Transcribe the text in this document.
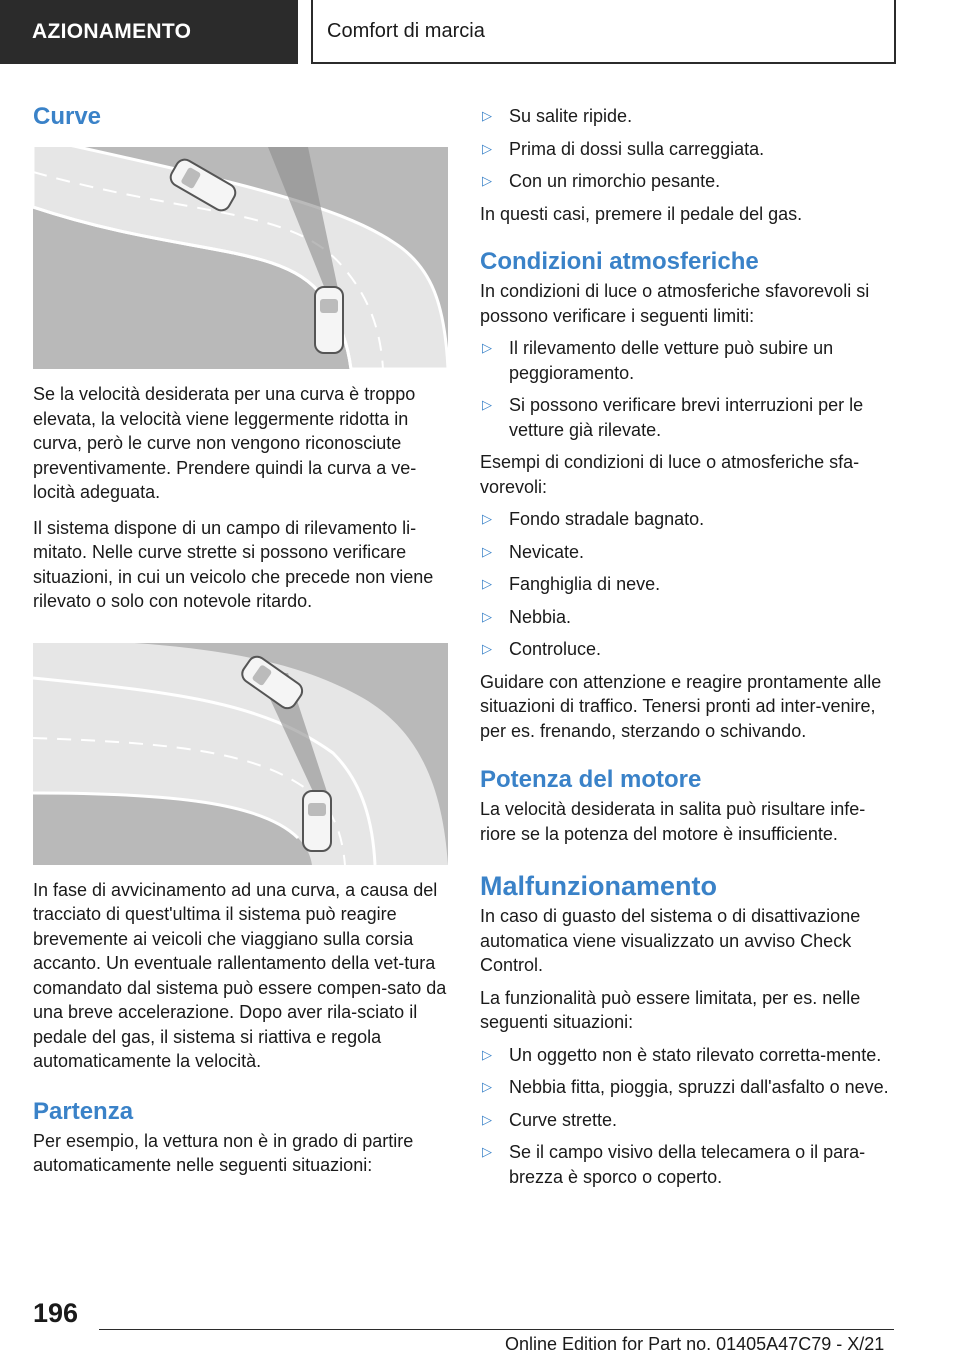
AZIONAMENTO	Comfort di marcia
Curve

Se la velocità desiderata per una curva è troppo elevata, la velocità viene leggermente ridotta in curva, però le curve non vengono riconosciute preventivamente. Prendere quindi la curva a ve-locità adeguata.

Il sistema dispone di un campo di rilevamento li-mitato. Nelle curve strette si possono verificare situazioni, in cui un veicolo che precede non viene rilevato o solo con notevole ritardo.

In fase di avvicinamento ad una curva, a causa del tracciato di quest'ultima il sistema può reagire brevemente ai veicoli che viaggiano sulla corsia accanto. Un eventuale rallentamento della vet-tura comandato dal sistema può essere compen-sato da una breve accelerazione. Dopo aver rila-sciato il pedale del gas, il sistema si riattiva e regola automaticamente la velocità.

Partenza

Per esempio, la vettura non è in grado di partire automaticamente nelle seguenti situazioni:

▷ Su salite ripide.
▷ Prima di dossi sulla carreggiata.
▷ Con un rimorchio pesante.

In questi casi, premere il pedale del gas.

Condizioni atmosferiche

In condizioni di luce o atmosferiche sfavorevoli si possono verificare i seguenti limiti:

▷ Il rilevamento delle vetture può subire un peggioramento.
▷ Si possono verificare brevi interruzioni per le vetture già rilevate.

Esempi di condizioni di luce o atmosferiche sfa-vorevoli:

▷ Fondo stradale bagnato.
▷ Nevicate.
▷ Fanghiglia di neve.
▷ Nebbia.
▷ Controluce.

Guidare con attenzione e reagire prontamente alle situazioni di traffico. Tenersi pronti ad inter-venire, per es. frenando, sterzando o schivando.

Potenza del motore

La velocità desiderata in salita può risultare infe-riore se la potenza del motore è insufficiente.

Malfunzionamento

In caso di guasto del sistema o di disattivazione automatica viene visualizzato un avviso Check Control.

La funzionalità può essere limitata, per es. nelle seguenti situazioni:

▷ Un oggetto non è stato rilevato corretta-mente.
▷ Nebbia fitta, pioggia, spruzzi dall'asfalto o neve.
▷ Curve strette.
▷ Se il campo visivo della telecamera o il para-brezza è sporco o coperto.
196
Online Edition for Part no. 01405A47C79 - X/21
